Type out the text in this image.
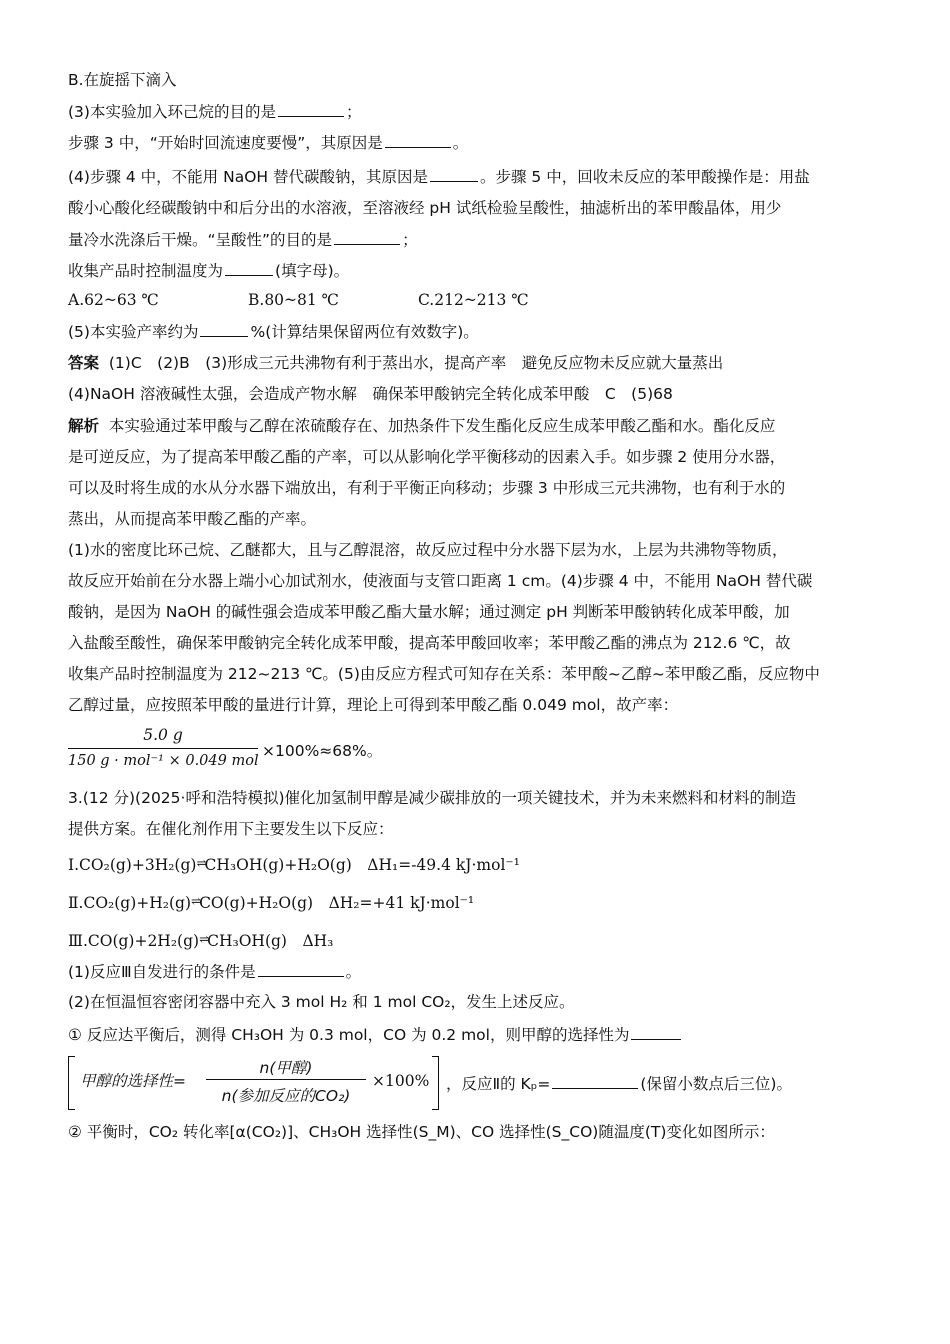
B.在旋摇下滴入
(3)本实验加入环己烷的目的是	；
步骤 3 中，“开始时回流速度要慢”，其原因是	。
(4)步骤 4 中，不能用 NaOH 替代碳酸钠，其原因是	。步骤 5 中，回收未反应的苯甲酸操作是：用盐
酸小心酸化经碳酸钠中和后分出的水溶液，至溶液经 pH 试纸检验呈酸性，抽滤析出的苯甲酸晶体，用少
量冷水洗涤后干燥。“呈酸性”的目的是	；
收集产品时控制温度为	(填字母)。
A.62~63 ℃	B.80~81 ℃	C.212~213 ℃
(5)本实验产率约为	%(计算结果保留两位有效数字)。
答案 (1)C　(2)B　(3)形成三元共沸物有利于蒸出水，提高产率　避免反应物未反应就大量蒸出
(4)NaOH 溶液碱性太强，会造成产物水解　确保苯甲酸钠完全转化成苯甲酸　C　(5)68
解析 本实验通过苯甲酸与乙醇在浓硫酸存在、加热条件下发生酯化反应生成苯甲酸乙酯和水。酯化反应
是可逆反应，为了提高苯甲酸乙酯的产率，可以从影响化学平衡移动的因素入手。如步骤 2 使用分水器，
可以及时将生成的水从分水器下端放出，有利于平衡正向移动；步骤 3 中形成三元共沸物，也有利于水的
蒸出，从而提高苯甲酸乙酯的产率。
(1)水的密度比环己烷、乙醚都大，且与乙醇混溶，故反应过程中分水器下层为水，上层为共沸物等物质，
故反应开始前在分水器上端小心加试剂水，使液面与支管口距离 1 cm。(4)步骤 4 中，不能用 NaOH 替代碳
酸钠，是因为 NaOH 的碱性强会造成苯甲酸乙酯大量水解；通过测定 pH 判断苯甲酸钠转化成苯甲酸，加
入盐酸至酸性，确保苯甲酸钠完全转化成苯甲酸，提高苯甲酸回收率；苯甲酸乙酯的沸点为 212.6 ℃，故
收集产品时控制温度为 212~213 ℃。(5)由反应方程式可知存在关系：苯甲酸~乙醇~苯甲酸乙酯，反应物中
乙醇过量，应按照苯甲酸的量进行计算，理论上可得到苯甲酸乙酯 0.049 mol，故产率：
5.0 g
150 g · mol⁻¹ × 0.049 mol
×100%≈68%。
3.(12 分)(2025·呼和浩特模拟)催化加氢制甲醇是减少碳排放的一项关键技术，并为未来燃料和材料的制造
提供方案。在催化剂作用下主要发生以下反应：
Ⅰ.CO₂(g)+3H₂(g)⇌CH₃OH(g)+H₂O(g)　ΔH₁=-49.4 kJ·mol⁻¹
Ⅱ.CO₂(g)+H₂(g)⇌CO(g)+H₂O(g)　ΔH₂=+41 kJ·mol⁻¹
Ⅲ.CO(g)+2H₂(g)⇌CH₃OH(g)　ΔH₃
(1)反应Ⅲ自发进行的条件是	。
(2)在恒温恒容密闭容器中充入 3 mol H₂ 和 1 mol CO₂，发生上述反应。
① 反应达平衡后，测得 CH₃OH 为 0.3 mol，CO 为 0.2 mol，则甲醇的选择性为
甲醇的选择性=
n(甲醇)
n(参加反应的CO₂)
×100%	，反应Ⅱ的 Kₚ=	(保留小数点后三位)。
② 平衡时，CO₂ 转化率[α(CO₂)]、CH₃OH 选择性(S_M)、CO 选择性(S_CO)随温度(T)变化如图所示：
